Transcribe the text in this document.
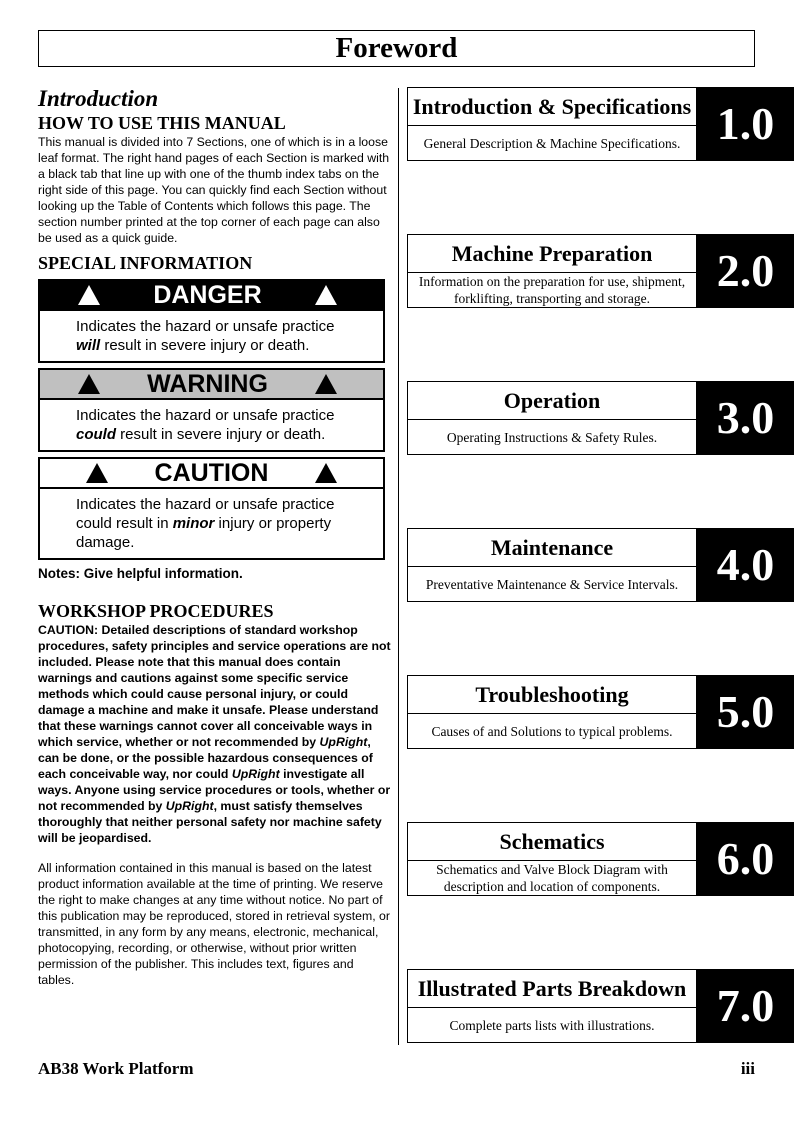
Foreword
Introduction
HOW TO USE THIS MANUAL

This manual is divided into 7 Sections, one of which is in a loose leaf format. The right hand pages of each Section is marked with a black tab that line up with one of the thumb index tabs on the right side of this page. You can quickly find each Section without looking up the Table of Contents which follows this page. The section number printed at the top corner of each page can also be used as a quick guide.

SPECIAL INFORMATION
DANGER
Indicates the hazard or unsafe practice
will result in severe injury or death.
WARNING
Indicates the hazard or unsafe practice
could result in severe injury or death.
CAUTION
Indicates the hazard or unsafe practice could result in minor injury or property damage.

Notes: Give helpful information.

WORKSHOP PROCEDURES

CAUTION: Detailed descriptions of standard workshop procedures, safety principles and service operations are not included. Please note that this manual does contain warnings and cautions against some specific service methods which could cause personal injury, or could damage a machine and make it unsafe. Please understand that these warnings cannot cover all conceivable ways in which service, whether or not recommended by UpRight, can be done, or the possible hazardous consequences of each conceivable way, nor could UpRight investigate all ways. Anyone using service procedures or tools, whether or not recommended by UpRight, must satisfy themselves thoroughly that neither personal safety nor machine safety will be jeopardised.

All information contained in this manual is based on the latest product information available at the time of printing. We reserve the right to make changes at any time without notice. No part of this publication may be reproduced, stored in retrieval system, or transmitted, in any form by any means, electronic, mechanical, photocopying, recording, or otherwise, without prior written permission of the publisher. This includes text, figures and tables.

Introduction & Specifications
General Description & Machine Specifications. 1.0
Machine Preparation
Information on the preparation for use, shipment, forklifting, transporting and storage.
2.0
Operation
Operating Instructions & Safety Rules.	3.0
Maintenance
Preventative Maintenance & Service Intervals. 4.0
Troubleshooting
Causes of and Solutions to typical problems. 5.0
Schematics
Schematics and Valve Block Diagram with description and location of components.
6.0
Illustrated Parts Breakdown
Complete parts lists with illustrations.	7.0
AB38 Work Platform	iii
